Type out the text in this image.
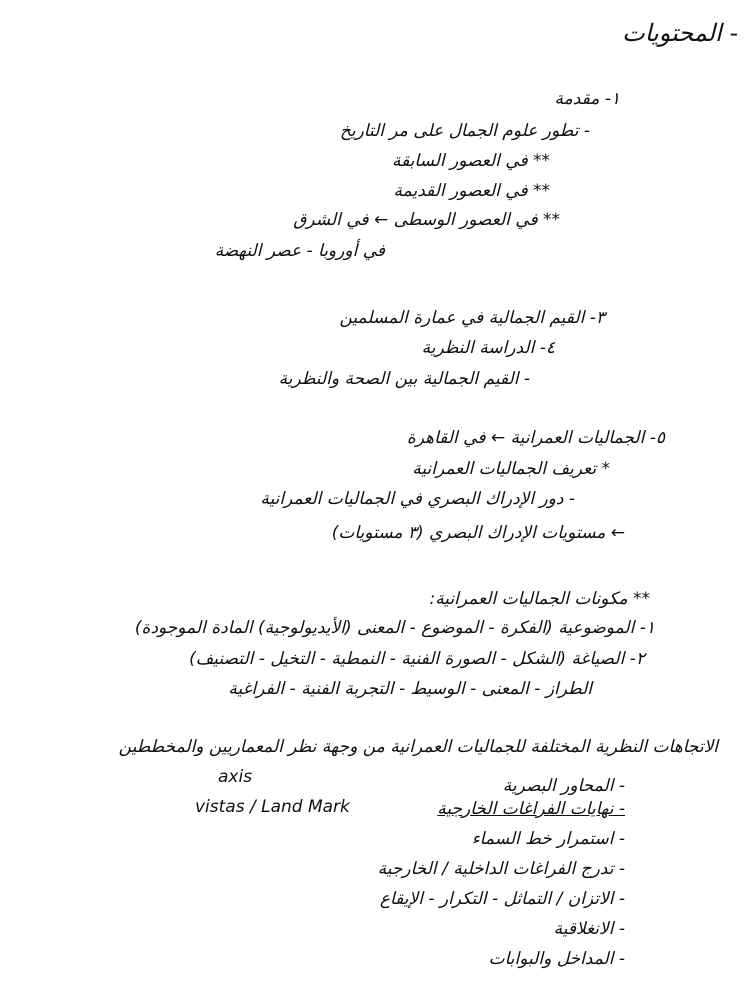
- المحتويات
١- مقدمة
- تطور علوم الجمال على مر التاريخ
** في العصور السابقة
** في العصور القديمة
** في العصور الوسطى ← في الشرق
في أوروبا - عصر النهضة
٣- القيم الجمالية في عمارة المسلمين
٤- الدراسة النظرية
- القيم الجمالية بين الصحة والنظرية
٥- الجماليات العمرانية ← في القاهرة
* تعريف الجماليات العمرانية
- دور الإدراك البصري في الجماليات العمرانية
← مستويات الإدراك البصري (٣ مستويات)
** مكونات الجماليات العمرانية:
١- الموضوعية (الفكرة - الموضوع - المعنى (الأيديولوجية) المادة الموجودة)
٢- الصياغة (الشكل - الصورة الفنية - النمطية - التخيل - التصنيف)
الطراز - المعنى - الوسيط - التجربة الفنية - الفراغية
الاتجاهات النظرية المختلفة للجماليات العمرانية من وجهة نظر المعماريين والمخططين
axis	- المحاور البصرية
vistas / Land Mark	- نهايات الفراغات الخارجية
- استمرار خط السماء
- تدرج الفراغات الداخلية / الخارجية
- الاتزان / التماثل - التكرار - الإيقاع
- الانغلاقية
- المداخل والبوابات
